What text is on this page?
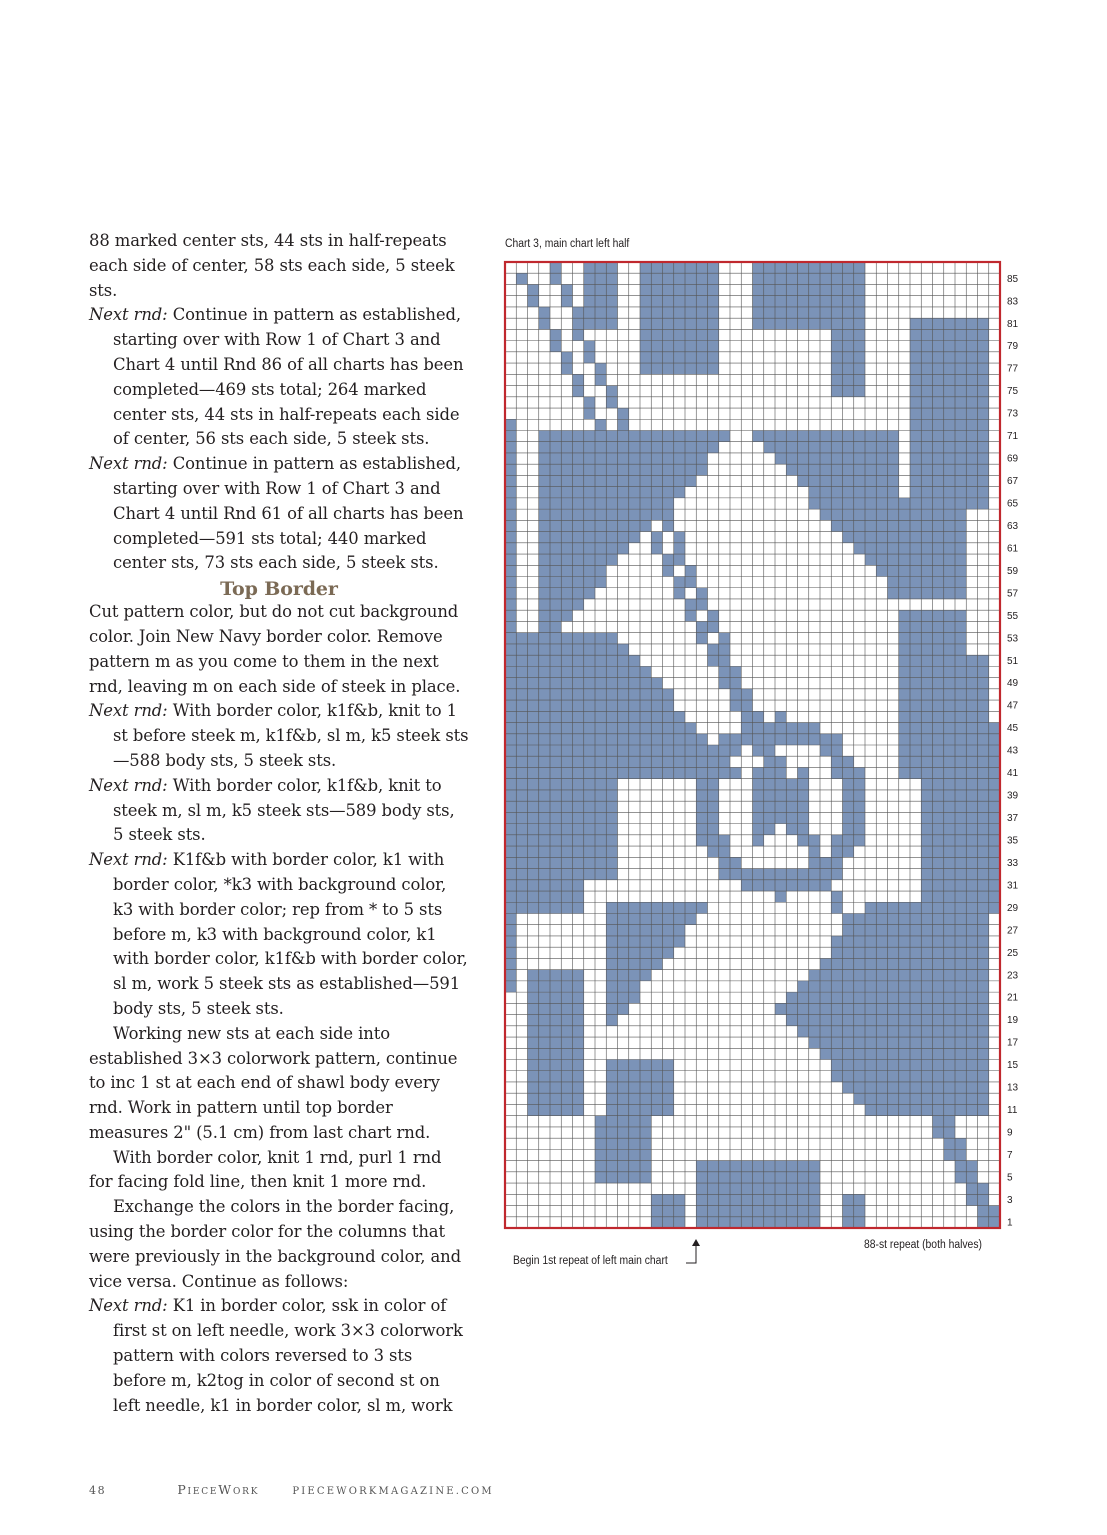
88 marked center sts, 44 sts in half-repeats each side of center, 58 sts each side, 5 steek sts.

Next rnd: Continue in pattern as established, starting over with Row 1 of Chart 3 and Chart 4 until Rnd 86 of all charts has been completed—469 sts total; 264 marked center sts, 44 sts in half-repeats each side of center, 56 sts each side, 5 steek sts.

Next rnd: Continue in pattern as established, starting over with Row 1 of Chart 3 and Chart 4 until Rnd 61 of all charts has been completed—591 sts total; 440 marked center sts, 73 sts each side, 5 steek sts.

Top Border

Cut pattern color, but do not cut background color. Join New Navy border color. Remove pattern m as you come to them in the next rnd, leaving m on each side of steek in place.

Next rnd: With border color, k1f&b, knit to 1 st before steek m, k1f&b, sl m, k5 steek sts—588 body sts, 5 steek sts.

Next rnd: With border color, k1f&b, knit to steek m, sl m, k5 steek sts—589 body sts, 5 steek sts.

Next rnd: K1f&b with border color, k1 with border color, *k3 with background color, k3 with border color; rep from * to 5 sts before m, k3 with background color, k1 with border color, k1f&b with border color, sl m, work 5 steek sts as established—591 body sts, 5 steek sts.

Working new sts at each side into established 3×3 colorwork pattern, continue to inc 1 st at each end of shawl body every rnd. Work in pattern until top border measures 2" (5.1 cm) from last chart rnd.

With border color, knit 1 rnd, purl 1 rnd for facing fold line, then knit 1 more rnd.

Exchange the colors in the border facing, using the border color for the columns that were previously in the background color, and vice versa. Continue as follows:

Next rnd: K1 in border color, ssk in color of first st on left needle, work 3×3 colorwork pattern with colors reversed to 3 sts before m, k2tog in color of second st on left needle, k1 in border color, sl m, work

Chart 3, main chart left half
1
3
5
7
9
11
13
15
17
19
21
23
25
27
29
31
33
35
37
39
41
43
45
47
49
51
53
55
57
59
61
63
65
67
69
71
73
75
77
79
81
83
85
Begin 1st repeat of left main chart
88-st repeat (both halves)
48	PieceWork	PIECEWORKMAGAZINE.COM
